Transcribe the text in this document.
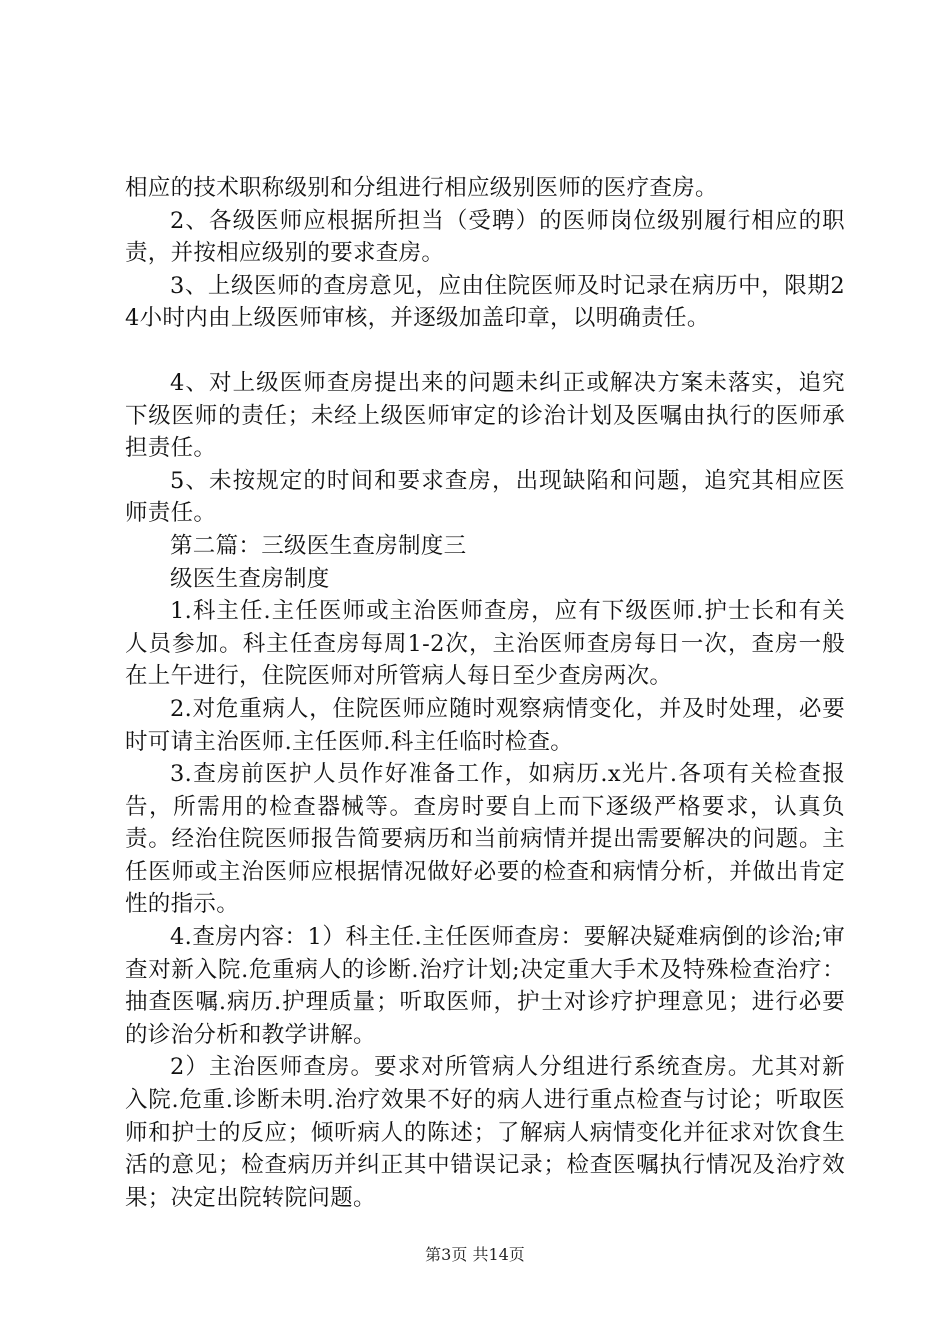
相应的技术职称级别和分组进行相应级别医师的医疗查房。

2、各级医师应根据所担当（受聘）的医师岗位级别履行相应的职责，并按相应级别的要求查房。

3、上级医师的查房意见，应由住院医师及时记录在病历中，限期24小时内由上级医师审核，并逐级加盖印章，以明确责任。

4、对上级医师查房提出来的问题未纠正或解决方案未落实，追究下级医师的责任；未经上级医师审定的诊治计划及医嘱由执行的医师承担责任。

5、未按规定的时间和要求查房，出现缺陷和问题，追究其相应医师责任。

第二篇：三级医生查房制度三

级医生查房制度

1.科主任.主任医师或主治医师查房，应有下级医师.护士长和有关人员参加。科主任查房每周1-2次，主治医师查房每日一次，查房一般在上午进行，住院医师对所管病人每日至少查房两次。

2.对危重病人，住院医师应随时观察病情变化，并及时处理，必要时可请主治医师.主任医师.科主任临时检查。

3.查房前医护人员作好准备工作，如病历.x光片.各项有关检查报告，所需用的检查器械等。查房时要自上而下逐级严格要求，认真负责。经治住院医师报告简要病历和当前病情并提出需要解决的问题。主任医师或主治医师应根据情况做好必要的检查和病情分析，并做出肯定性的指示。

4.查房内容：1）科主任.主任医师查房：要解决疑难病倒的诊治;审查对新入院.危重病人的诊断.治疗计划;决定重大手术及特殊检查治疗：抽查医嘱.病历.护理质量；听取医师，护士对诊疗护理意见；进行必要的诊治分析和教学讲解。

2）主治医师查房。要求对所管病人分组进行系统查房。尤其对新入院.危重.诊断未明.治疗效果不好的病人进行重点检查与讨论；听取医师和护士的反应；倾听病人的陈述；了解病人病情变化并征求对饮食生活的意见；检查病历并纠正其中错误记录；检查医嘱执行情况及治疗效果；决定出院转院问题。

第3页 共14页
